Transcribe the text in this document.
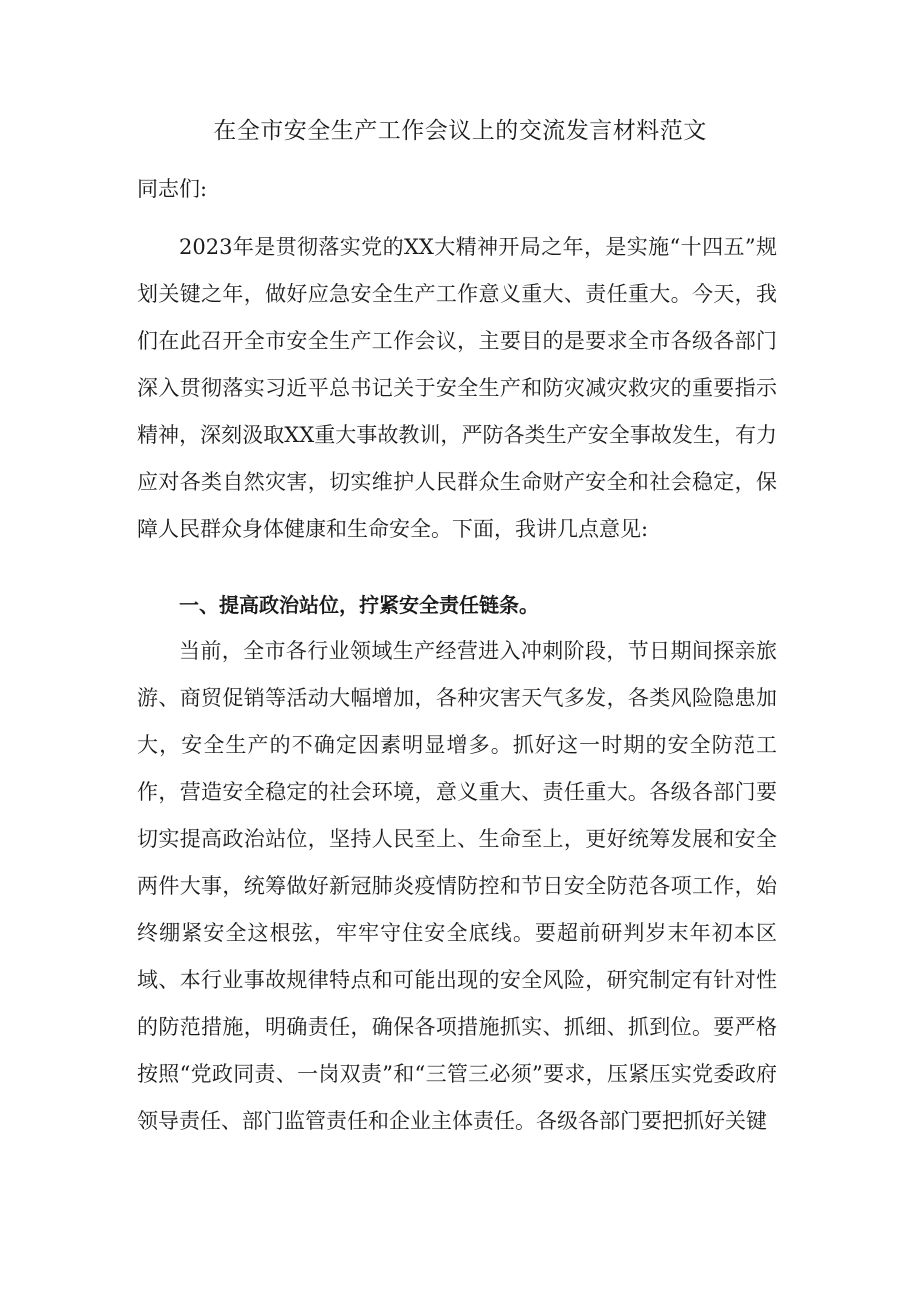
在全市安全生产工作会议上的交流发言材料范文

同志们:

2023年是贯彻落实党的XX大精神开局之年，是实施“十四五”规划关键之年，做好应急安全生产工作意义重大、责任重大。今天，我们在此召开全市安全生产工作会议，主要目的是要求全市各级各部门深入贯彻落实习近平总书记关于安全生产和防灾减灾救灾的重要指示精神，深刻汲取XX重大事故教训，严防各类生产安全事故发生，有力应对各类自然灾害，切实维护人民群众生命财产安全和社会稳定，保障人民群众身体健康和生命安全。下面，我讲几点意见:

一、提高政治站位，拧紧安全责任链条。

当前，全市各行业领域生产经营进入冲刺阶段，节日期间探亲旅游、商贸促销等活动大幅增加，各种灾害天气多发，各类风险隐患加大，安全生产的不确定因素明显增多。抓好这一时期的安全防范工作，营造安全稳定的社会环境，意义重大、责任重大。各级各部门要切实提高政治站位，坚持人民至上、生命至上，更好统筹发展和安全两件大事，统筹做好新冠肺炎疫情防控和节日安全防范各项工作，始终绷紧安全这根弦，牢牢守住安全底线。要超前研判岁末年初本区域、本行业事故规律特点和可能出现的安全风险，研究制定有针对性的防范措施，明确责任，确保各项措施抓实、抓细、抓到位。要严格按照“党政同责、一岗双责”和“三管三必须”要求，压紧压实党委政府领导责任、部门监管责任和企业主体责任。各级各部门要把抓好关键
